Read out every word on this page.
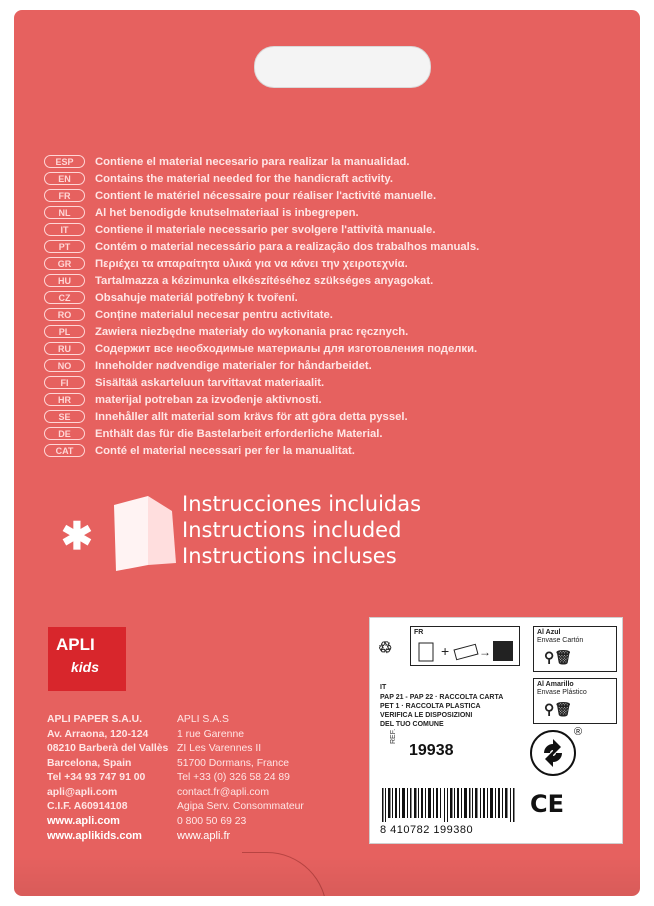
ESP	Contiene el material necesario para realizar la manualidad.
EN	Contains the material needed for the handicraft activity.
FR	Contient le matériel nécessaire pour réaliser l'activité manuelle.
NL	Al het benodigde knutselmateriaal is inbegrepen.
IT	Contiene il materiale necessario per svolgere l'attività manuale.
PT	Contém o material necessário para a realização dos trabalhos manuals.
GR	Περιέχει τα απαραίτητα υλικά για να κάνει την χειροτεχνία.
HU	Tartalmazza a kézimunka elkészítéséhez szükséges anyagokat.
CZ	Obsahuje materiál potřebný k tvoření.
RO	Conține materialul necesar pentru activitate.
PL	Zawiera niezbędne materiały do wykonania prac ręcznych.
RU	Содержит все необходимые материалы для изготовления поделки.
NO	Inneholder nødvendige materialer for håndarbeidet.
FI	Sisältää askarteluun tarvittavat materiaalit.
HR	materijal potreban za izvođenje aktivnosti.
SE	Innehåller allt material som krävs för att göra detta pyssel.
DE	Enthält das für die Bastelarbeit erforderliche Material.
CAT	Conté el material necessari per fer la manualitat.
✱
Instrucciones incluidas
Instructions included
Instructions incluses
APLI
kids
APLI PAPER S.A.U.
Av. Arraona, 120-124
08210 Barberà del Vallès
Barcelona, Spain
Tel +34 93 747 91 00
apli@apli.com
C.I.F. A60914108
APLI S.A.S
1 rue Garenne
ZI Les Varennes II
51700 Dormans, France
Tel +33 (0) 326 58 24 89
contact.fr@apli.com
Agipa Serv. Consommateur
0 800 50 69 23
www.apli.com
www.aplikids.com	www.apli.fr
♲
FR
+ →
Al Azul
Envase Cartón
⚲🗑
Al Amarillo
Envase Plástico
⚲🗑
IT
PAP 21 - PAP 22 · RACCOLTA CARTA
PET 1 · RACCOLTA PLASTICA
VERIFICA LE DISPOSIZIONI
DEL TUO COMUNE
REF.
19938
®
CE
8 410782 199380
